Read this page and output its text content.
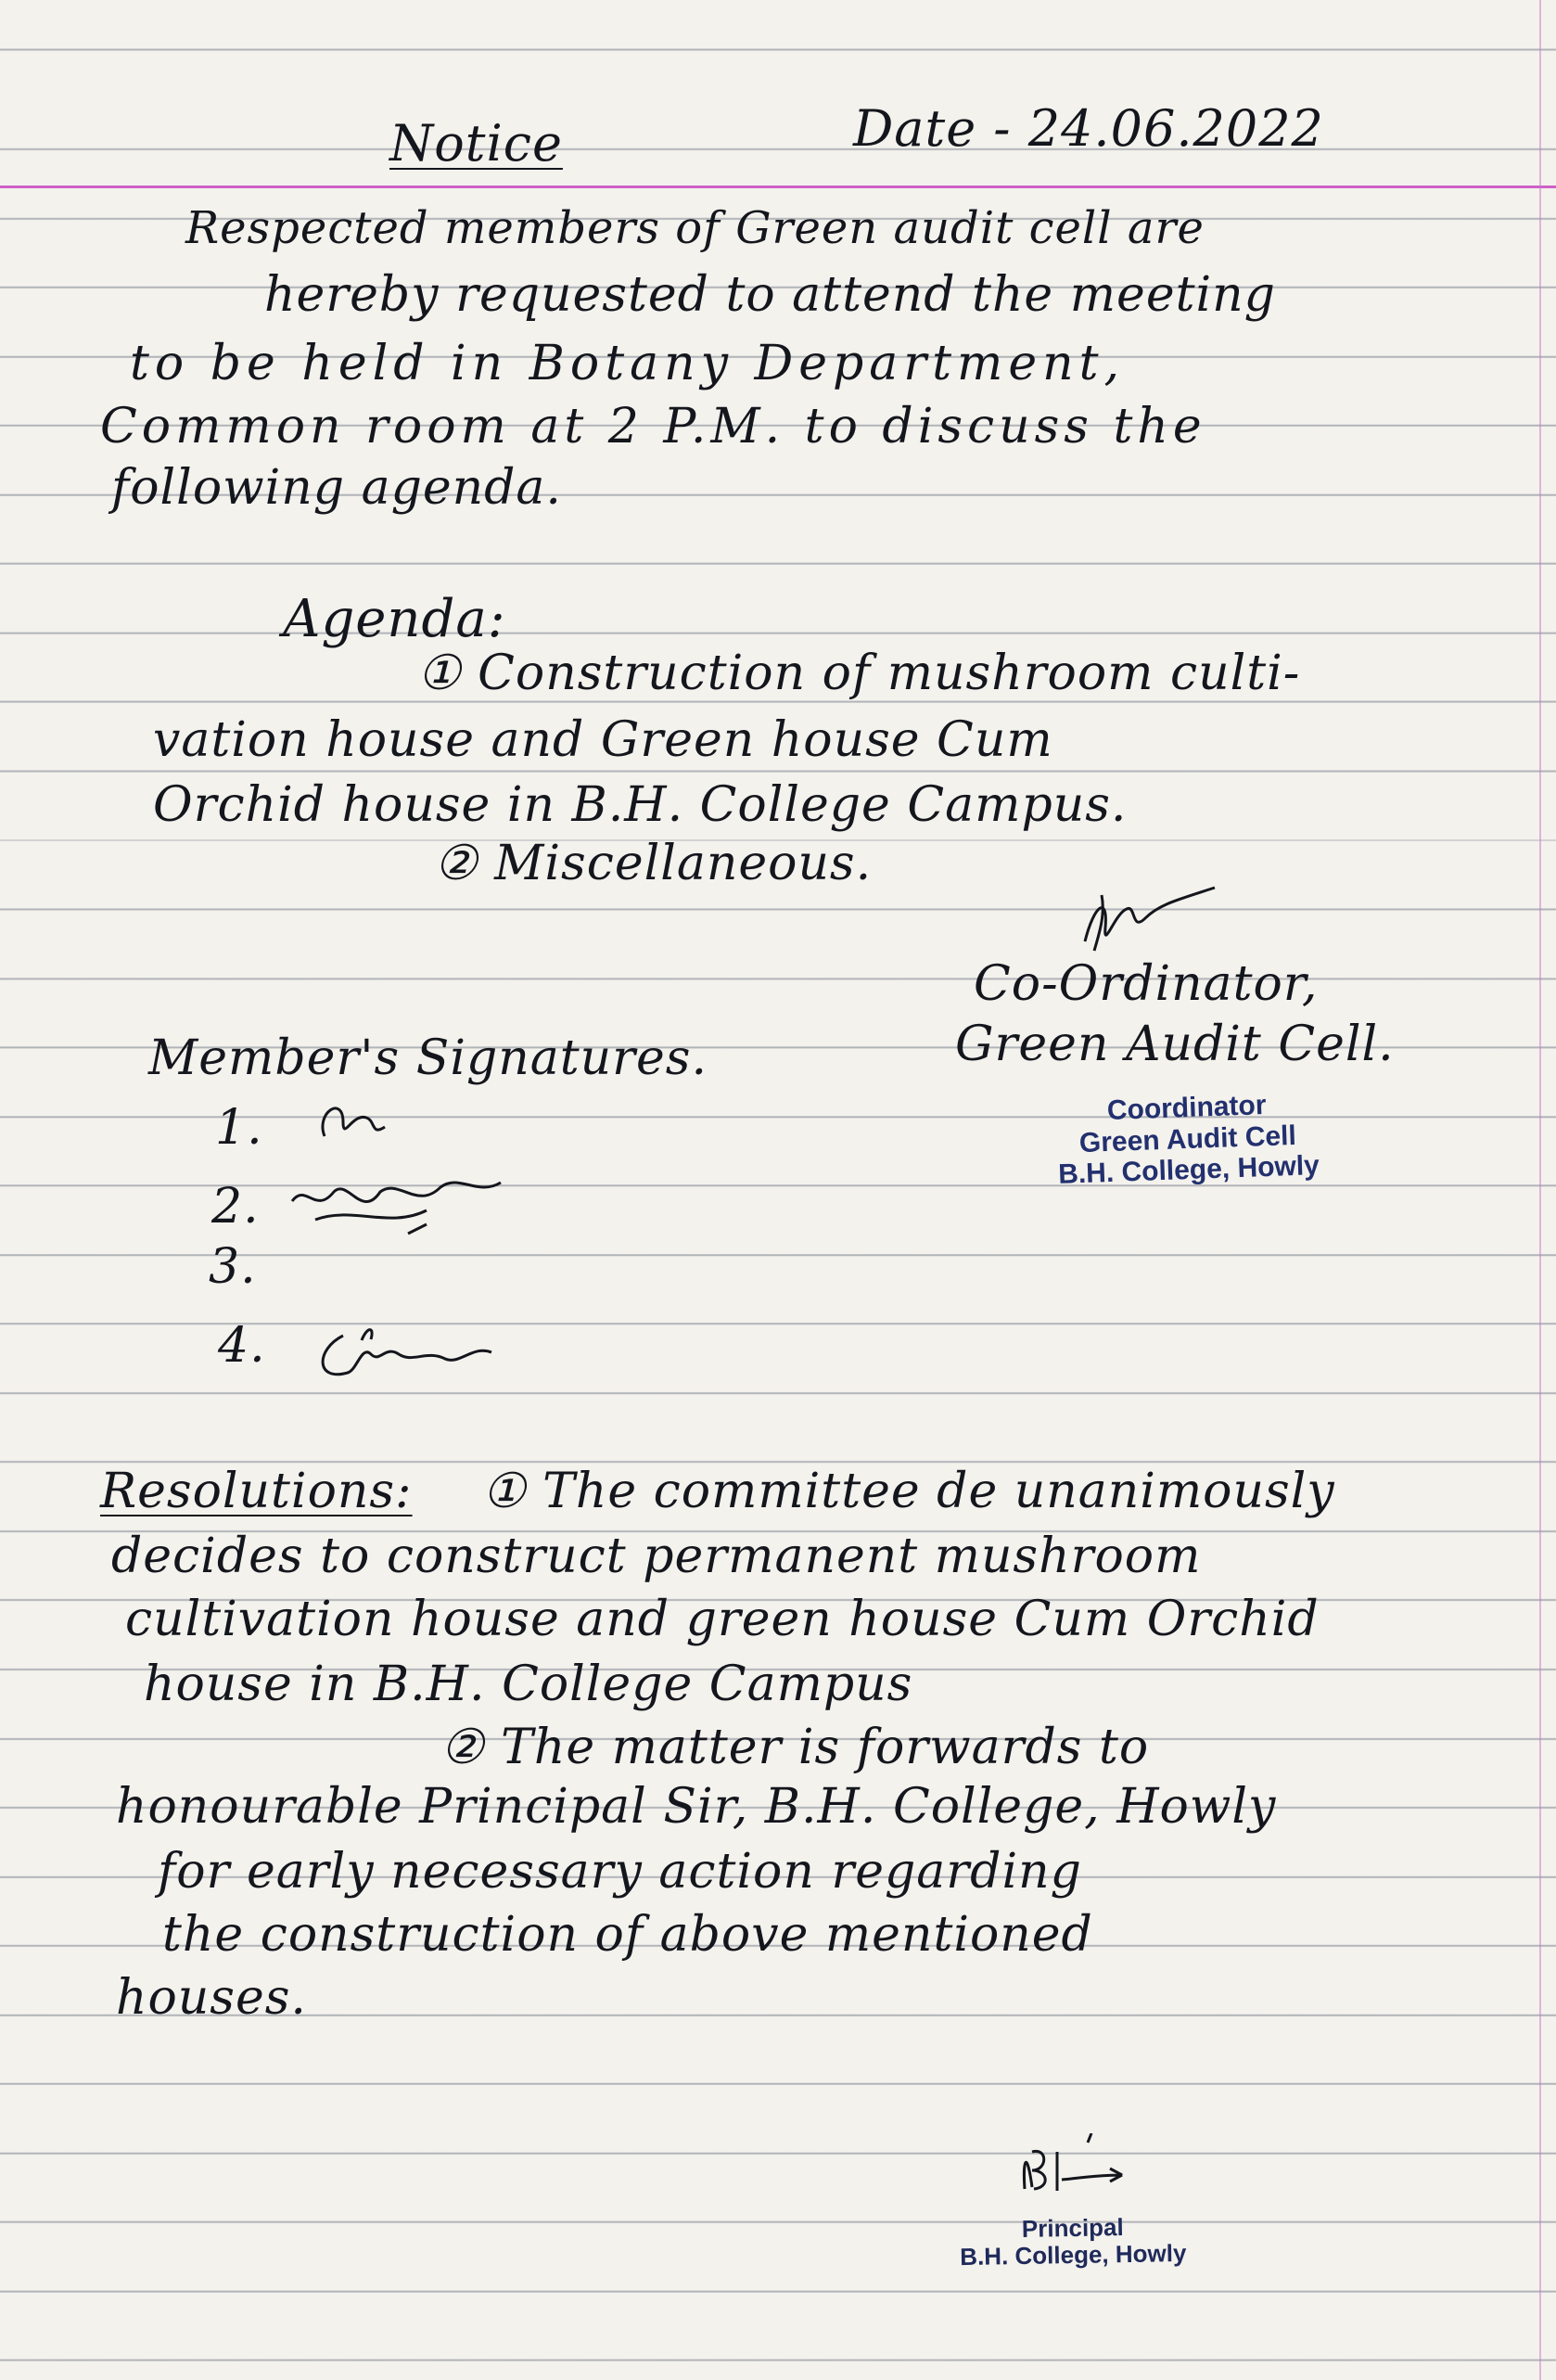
Notice	Date - 24.06.2022
Respected members of Green audit cell are
hereby requested to attend the meeting
to be held in Botany Department,
Common room at 2 P.M. to discuss the
following agenda.
Agenda:
① Construction of mushroom culti-
vation house and Green house Cum
Orchid house in B.H. College Campus.
② Miscellaneous.
Co-Ordinator,
Green Audit Cell.
Member's Signatures.
1.
2.
3.
4.
Coordinator
Green Audit Cell
B.H. College, Howly
Resolutions: ① The committee de unanimously
decides to construct permanent mushroom
cultivation house and green house Cum Orchid
house in B.H. College Campus
② The matter is forwards to
honourable Principal Sir, B.H. College, Howly
for early necessary action regarding
the construction of above mentioned
houses.
Principal
B.H. College, Howly
